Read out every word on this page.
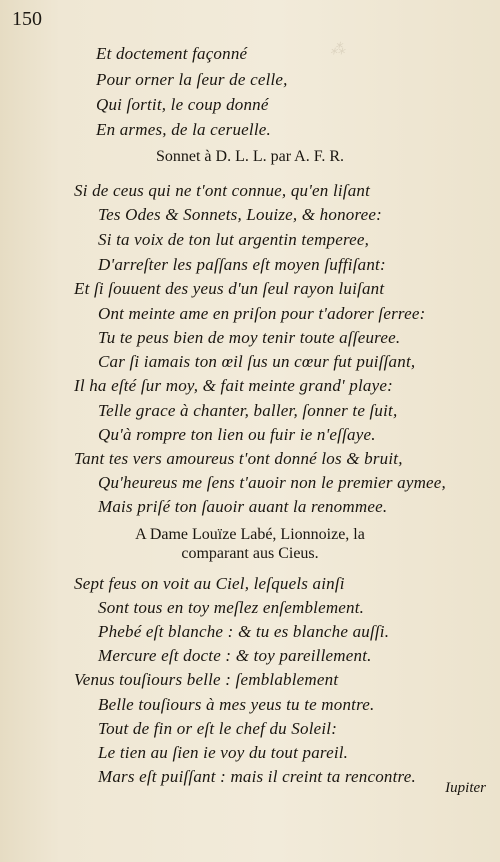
⁂
150
Et doctement façonné
Pour orner la ſeur de celle,
Qui ſortit, le coup donné
En armes, de la ceruelle.
Sonnet à D. L. L. par A. F. R.
Si de ceus qui ne t'ont connue, qu'en liſant
Tes Odes & Sonnets, Louize, & honoree:
Si ta voix de ton lut argentin temperee,
D'arreſter les paſſans eſt moyen ſuffiſant:
Et ſi ſouuent des yeus d'un ſeul rayon luiſant
Ont meinte ame en priſon pour t'adorer ſerree:
Tu te peus bien de moy tenir toute aſſeuree.
Car ſi iamais ton œil ſus un cœur fut puiſſant,
Il ha eſté ſur moy, & fait meinte grand' playe:
Telle grace à chanter, baller, ſonner te ſuit,
Qu'à rompre ton lien ou fuir ie n'eſſaye.
Tant tes vers amoureus t'ont donné los & bruit,
Qu'heureus me ſens t'auoir non le premier aymee,
Mais priſé ton ſauoir auant la renommee.
A Dame Louïze Labé, Lionnoize, la
comparant aus Cieus.
Sept feus on voit au Ciel, leſquels ainſi
Sont tous en toy meſlez enſemblement.
Phebé eſt blanche : & tu es blanche auſſi.
Mercure eſt docte : & toy pareillement.
Venus touſiours belle : ſemblablement
Belle touſiours à mes yeus tu te montre.
Tout de fin or eſt le chef du Soleil:
Le tien au ſien ie voy du tout pareil.
Mars eſt puiſſant : mais il creint ta rencontre.
Iupiter
